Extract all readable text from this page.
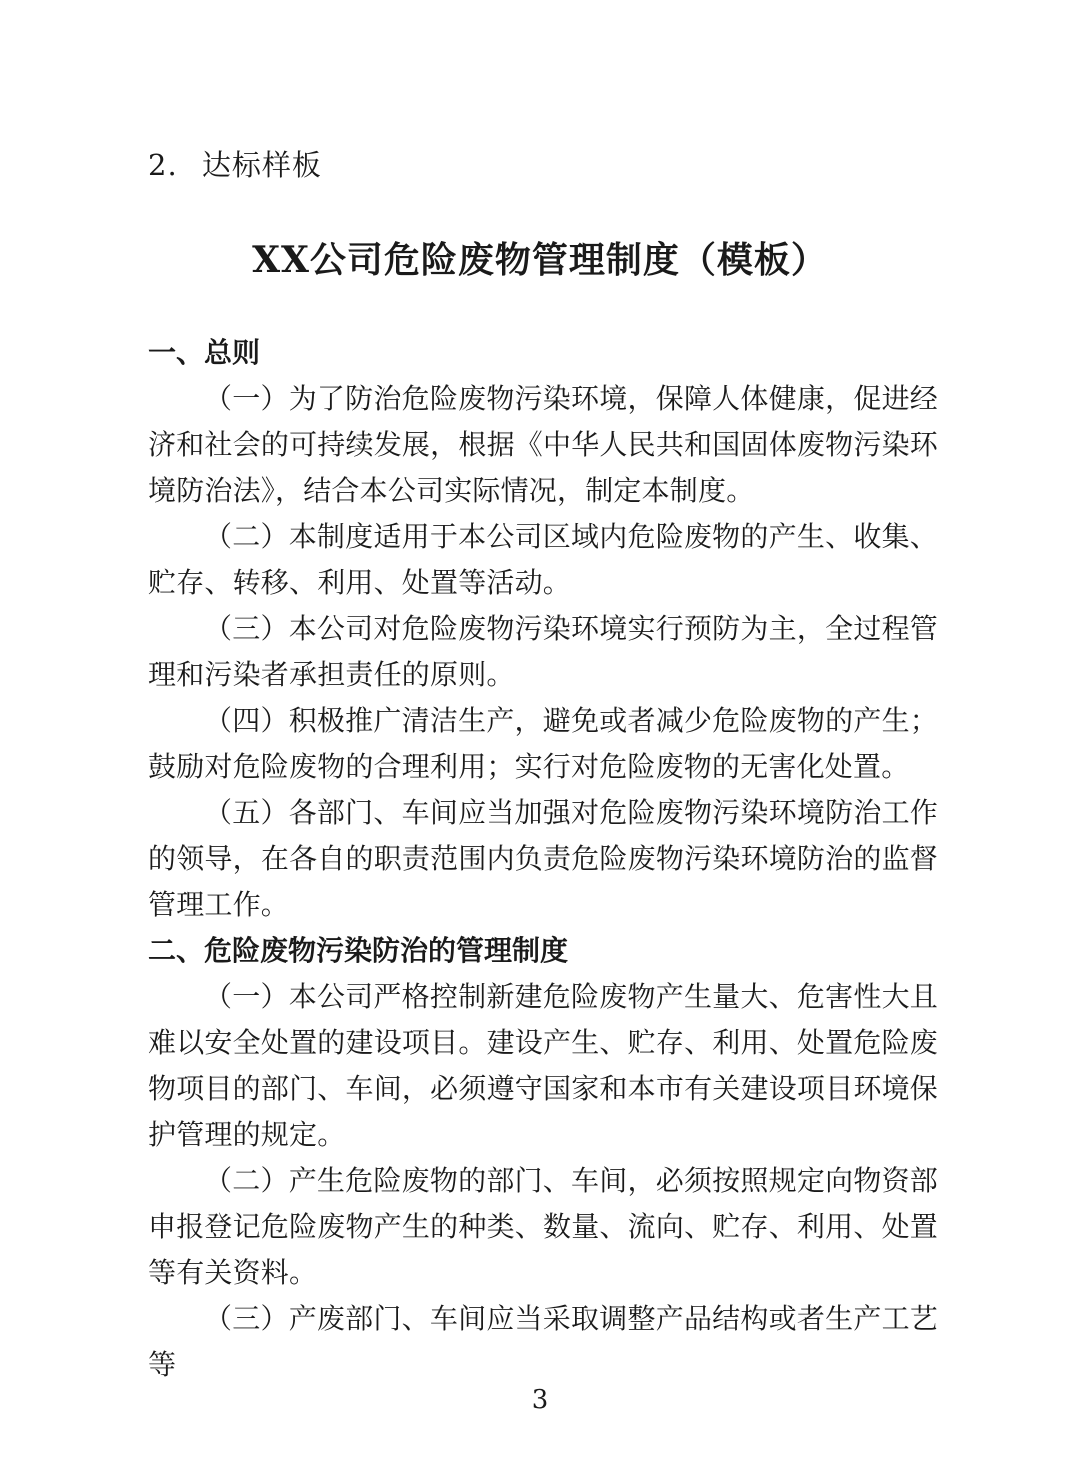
2. 达标样板
XX公司危险废物管理制度（模板）
一、总则

（一）为了防治危险废物污染环境，保障人体健康，促进经济和社会的可持续发展，根据《中华人民共和国固体废物污染环境防治法》，结合本公司实际情况，制定本制度。

（二）本制度适用于本公司区域内危险废物的产生、收集、贮存、转移、利用、处置等活动。

（三）本公司对危险废物污染环境实行预防为主，全过程管理和污染者承担责任的原则。

（四）积极推广清洁生产，避免或者减少危险废物的产生；鼓励对危险废物的合理利用；实行对危险废物的无害化处置。

（五）各部门、车间应当加强对危险废物污染环境防治工作的领导，在各自的职责范围内负责危险废物污染环境防治的监督管理工作。

二、危险废物污染防治的管理制度

（一）本公司严格控制新建危险废物产生量大、危害性大且难以安全处置的建设项目。建设产生、贮存、利用、处置危险废物项目的部门、车间，必须遵守国家和本市有关建设项目环境保护管理的规定。

（二）产生危险废物的部门、车间，必须按照规定向物资部申报登记危险废物产生的种类、数量、流向、贮存、利用、处置等有关资料。

（三）产废部门、车间应当采取调整产品结构或者生产工艺等

3
